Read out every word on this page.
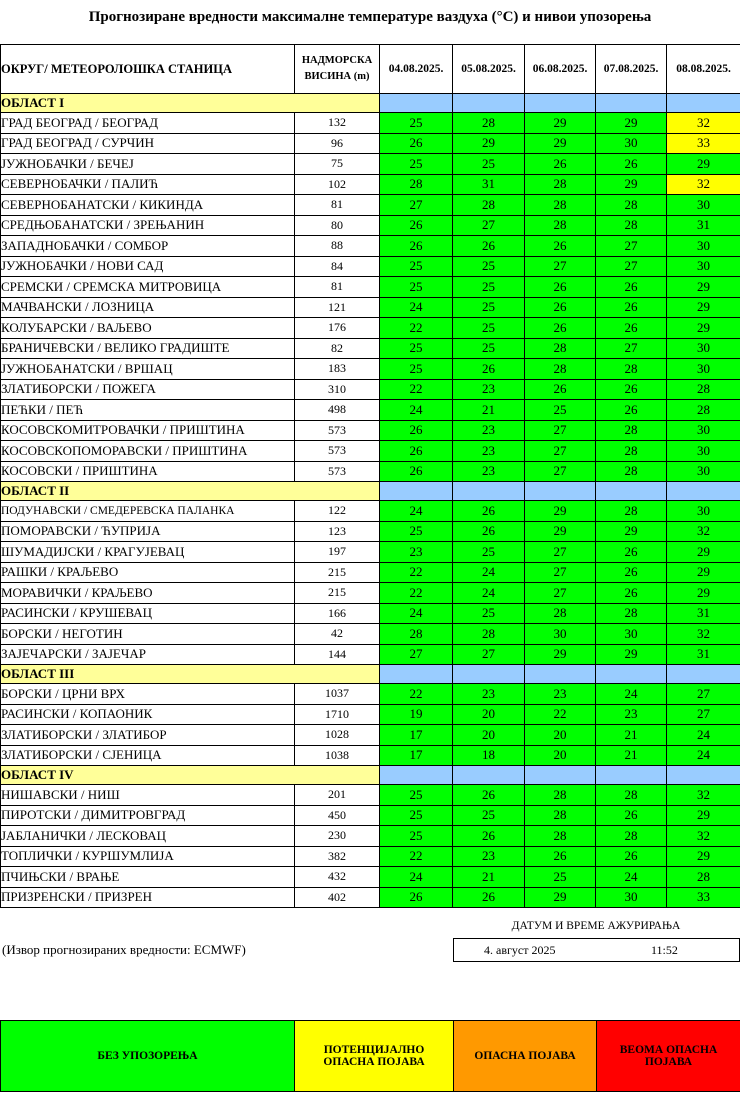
Прогнозиране вредности максималне температуре ваздуха (°C) и нивои упозорења
ОКРУГ/ МЕТЕОРОЛОШКА СТАНИЦА	НАДМОРСКА ВИСИНА (m)	04.08.2025.	05.08.2025.	06.08.2025.	07.08.2025.	08.08.2025.
ОБЛАСТ I						
ГРАД БЕОГРАД / БЕОГРАД	132	25	28	29	29	32
ГРАД БЕОГРАД / СУРЧИН	96	26	29	29	30	33
ЈУЖНОБАЧКИ / БЕЧЕЈ	75	25	25	26	26	29
СЕВЕРНОБАЧКИ / ПАЛИЋ	102	28	31	28	29	32
СЕВЕРНОБАНАТСКИ / КИКИНДА	81	27	28	28	28	30
СРЕДЊОБАНАТСКИ / ЗРЕЊАНИН	80	26	27	28	28	31
ЗАПАДНОБАЧКИ / СОМБОР	88	26	26	26	27	30
ЈУЖНОБАЧКИ / НОВИ САД	84	25	25	27	27	30
СРЕМСКИ / СРЕМСКА МИТРОВИЦА	81	25	25	26	26	29
МАЧВАНСКИ / ЛОЗНИЦА	121	24	25	26	26	29
КОЛУБАРСКИ / ВАЉЕВО	176	22	25	26	26	29
БРАНИЧЕВСКИ / ВЕЛИКО ГРАДИШТЕ	82	25	25	28	27	30
ЈУЖНОБАНАТСКИ / ВРШАЦ	183	25	26	28	28	30
ЗЛАТИБОРСКИ / ПОЖЕГА	310	22	23	26	26	28
ПЕЋКИ / ПЕЋ	498	24	21	25	26	28
КОСОВСКОМИТРОВАЧКИ / ПРИШТИНА	573	26	23	27	28	30
КОСОВСКОПОМОРАВСКИ / ПРИШТИНА	573	26	23	27	28	30
КОСОВСКИ / ПРИШТИНА	573	26	23	27	28	30
ОБЛАСТ II						
ПОДУНАВСКИ / СМЕДЕРЕВСКА ПАЛАНКА	122	24	26	29	28	30
ПОМОРАВСКИ / ЋУПРИЈА	123	25	26	29	29	32
ШУМАДИЈСКИ / КРАГУЈЕВАЦ	197	23	25	27	26	29
РАШКИ / КРАЉЕВО	215	22	24	27	26	29
МОРАВИЧКИ / КРАЉЕВО	215	22	24	27	26	29
РАСИНСКИ / КРУШЕВАЦ	166	24	25	28	28	31
БОРСКИ / НЕГОТИН	42	28	28	30	30	32
ЗАЈЕЧАРСКИ / ЗАЈЕЧАР	144	27	27	29	29	31
ОБЛАСТ III						
БОРСКИ / ЦРНИ ВРХ	1037	22	23	23	24	27
РАСИНСКИ / КОПАОНИК	1710	19	20	22	23	27
ЗЛАТИБОРСКИ / ЗЛАТИБОР	1028	17	20	20	21	24
ЗЛАТИБОРСКИ / СЈЕНИЦА	1038	17	18	20	21	24
ОБЛАСТ IV						
НИШАВСКИ / НИШ	201	25	26	28	28	32
ПИРОТСКИ / ДИМИТРОВГРАД	450	25	25	28	26	29
ЈАБЛАНИЧКИ / ЛЕСКОВАЦ	230	25	26	28	28	32
ТОПЛИЧКИ / КУРШУМЛИЈА	382	22	23	26	26	29
ПЧИЊСКИ / ВРАЊЕ	432	24	21	25	24	28
ПРИЗРЕНСКИ / ПРИЗРЕН	402	26	26	29	30	33
ДАТУМ И ВРЕМЕ АЖУРИРАЊА
4. август 2025	11:52
(Извор прогнозираних вредности: ECMWF)
БЕЗ УПОЗОРЕЊА	ПОТЕНЦИЈАЛНО ОПАСНА ПОЈАВА	ОПАСНА ПОЈАВА	ВЕОМА ОПАСНА ПОЈАВА
